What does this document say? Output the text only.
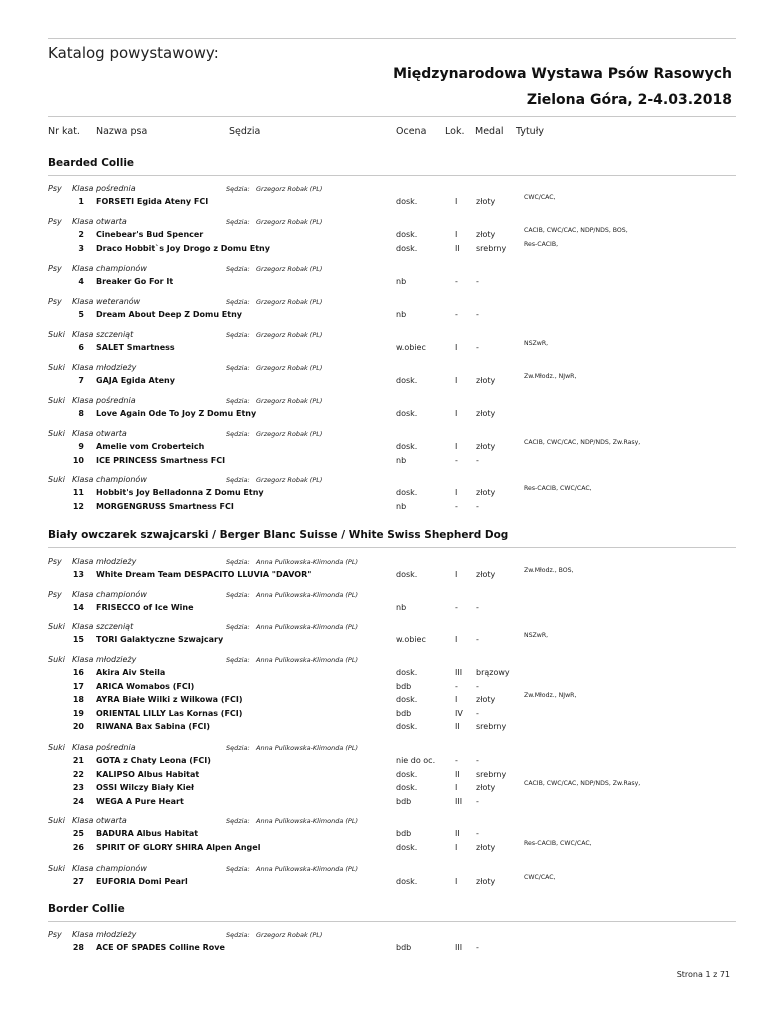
Katalog powystawowy:
Międzynarodowa Wystawa Psów Rasowych
Zielona Góra, 2-4.03.2018
Nr kat. Nazwa psa	Sędzia	Ocena Lok. Medal Tytuły
Bearded Collie
Psy Klasa pośrednia	Sędzia: Grzegorz Robak (PL)
1 FORSETI Egida Ateny FCI	dosk.	I złoty	CWC/CAC,
Psy Klasa otwarta	Sędzia: Grzegorz Robak (PL)
2 Cinebear's Bud Spencer	dosk.	I złoty	CACIB, CWC/CAC, NDP/NDS, BOS,
3 Draco Hobbit`s Joy Drogo z Domu Etny	dosk.	II srebrny	Res-CACIB,
Psy Klasa championów	Sędzia: Grzegorz Robak (PL)
4 Breaker Go For It	nb	- -
Psy Klasa weteranów	Sędzia: Grzegorz Robak (PL)
5 Dream About Deep Z Domu Etny	nb	- -
Suki Klasa szczeniąt	Sędzia: Grzegorz Robak (PL)
6 SALET Smartness	w.obiec	I -	NSZwR,
Suki Klasa młodzieży	Sędzia: Grzegorz Robak (PL)
7 GAJA Egida Ateny	dosk.	I złoty	Zw.Młodz., NJwR,
Suki Klasa pośrednia	Sędzia: Grzegorz Robak (PL)
8 Love Again Ode To Joy Z Domu Etny	dosk.	I złoty
Suki Klasa otwarta	Sędzia: Grzegorz Robak (PL)
9 Amelie vom Croberteich	dosk.	I złoty	CACIB, CWC/CAC, NDP/NDS, Zw.Rasy,
10 ICE PRINCESS Smartness FCI	nb	- -
Suki Klasa championów	Sędzia: Grzegorz Robak (PL)
11 Hobbit's Joy Belladonna Z Domu Etny	dosk.	I złoty	Res-CACIB, CWC/CAC,
12 MORGENGRUSS Smartness FCI	nb	- -
Biały owczarek szwajcarski / Berger Blanc Suisse / White Swiss Shepherd Dog
Psy Klasa młodzieży	Sędzia: Anna Pulikowska-Klimonda (PL)
13 White Dream Team DESPACITO LLUVIA "DAVOR"	dosk.	I złoty	Zw.Młodz., BOS,
Psy Klasa championów	Sędzia: Anna Pulikowska-Klimonda (PL)
14 FRISECCO of Ice Wine	nb	- -
Suki Klasa szczeniąt	Sędzia: Anna Pulikowska-Klimonda (PL)
15 TORI Galaktyczne Szwajcary	w.obiec	I -	NSZwR,
Suki Klasa młodzieży	Sędzia: Anna Pulikowska-Klimonda (PL)
16 Akira Aiv Steila	dosk.	III brązowy
17 ARICA Womabos (FCI)	bdb	- -
18 AYRA Białe Wilki z Wilkowa (FCI)	dosk.	I złoty	Zw.Młodz., NJwR,
19 ORIENTAL LILLY Las Kornas (FCI)	bdb	IV -
20 RIWANA Bax Sabina (FCI)	dosk.	II srebrny
Suki Klasa pośrednia	Sędzia: Anna Pulikowska-Klimonda (PL)
21 GOTA z Chaty Leona (FCI)	nie do oc. - -
22 KALIPSO Albus Habitat	dosk.	II srebrny
23 OSSI Wilczy Biały Kieł	dosk.	I złoty	CACIB, CWC/CAC, NDP/NDS, Zw.Rasy,
24 WEGA A Pure Heart	bdb	III -
Suki Klasa otwarta	Sędzia: Anna Pulikowska-Klimonda (PL)
25 BADURA Albus Habitat	bdb	II -
26 SPIRIT OF GLORY SHIRA Alpen Angel	dosk.	I złoty	Res-CACIB, CWC/CAC,
Suki Klasa championów	Sędzia: Anna Pulikowska-Klimonda (PL)
27 EUFORIA Domi Pearl	dosk.	I złoty	CWC/CAC,
Border Collie
Psy Klasa młodzieży	Sędzia: Grzegorz Robak (PL)
28 ACE OF SPADES Colline Rove	bdb	III -
Strona 1 z 71
